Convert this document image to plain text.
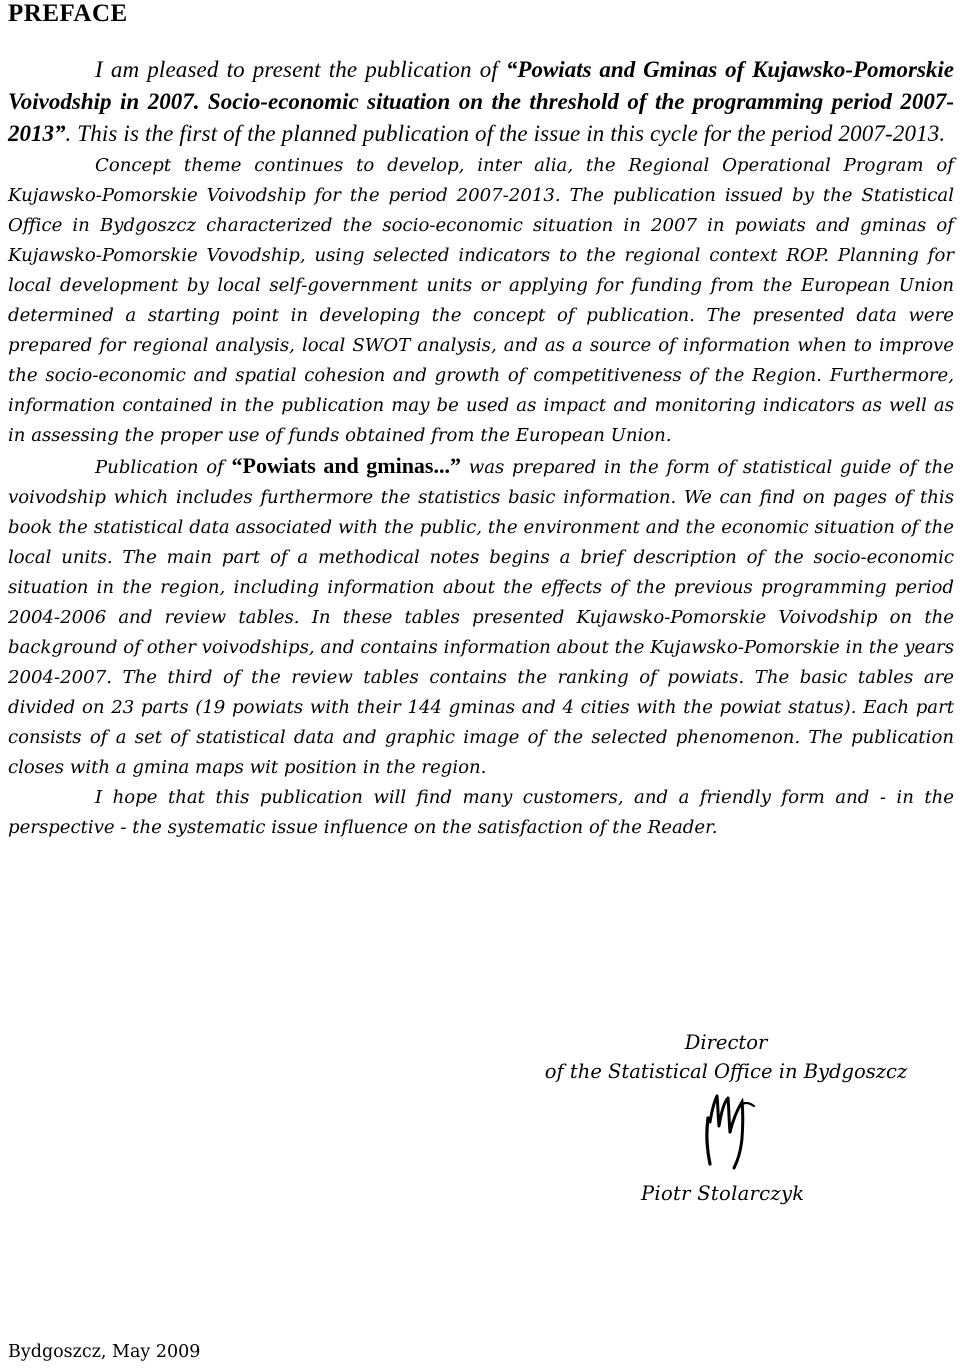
PREFACE

I am pleased to present the publication of “Powiats and Gminas of Kujawsko-Pomorskie Voivodship in 2007. Socio-economic situation on the threshold of the programming period 2007-2013”. This is the first of the planned publication of the issue in this cycle for the period 2007-2013.

Concept theme continues to develop, inter alia, the Regional Operational Program of Kujawsko-Pomorskie Voivodship for the period 2007-2013. The publication issued by the Statistical Office in Bydgoszcz characterized the socio-economic situation in 2007 in powiats and gminas of Kujawsko-Pomorskie Vovodship, using selected indicators to the regional context ROP. Planning for local development by local self-government units or applying for funding from the European Union determined a starting point in developing the concept of publication. The presented data were prepared for regional analysis, local SWOT analysis, and as a source of information when to improve the socio-economic and spatial cohesion and growth of competitiveness of the Region. Furthermore, information contained in the publication may be used as impact and monitoring indicators as well as in assessing the proper use of funds obtained from the European Union.

Publication of “Powiats and gminas...” was prepared in the form of statistical guide of the voivodship which includes furthermore the statistics basic information. We can find on pages of this book the statistical data associated with the public, the environment and the economic situation of the local units. The main part of a methodical notes begins a brief description of the socio-economic situation in the region, including information about the effects of the previous programming period 2004-2006 and review tables. In these tables presented Kujawsko-Pomorskie Voivodship on the background of other voivodships, and contains information about the Kujawsko-Pomorskie in the years 2004-2007. The third of the review tables contains the ranking of powiats. The basic tables are divided on 23 parts (19 powiats with their 144 gminas and 4 cities with the powiat status). Each part consists of a set of statistical data and graphic image of the selected phenomenon. The publication closes with a gmina maps wit position in the region.

I hope that this publication will find many customers, and a friendly form and - in the perspective - the systematic issue influence on the satisfaction of the Reader.

Director
of the Statistical Office in Bydgoszcz
Piotr Stolarczyk
Bydgoszcz, May 2009
